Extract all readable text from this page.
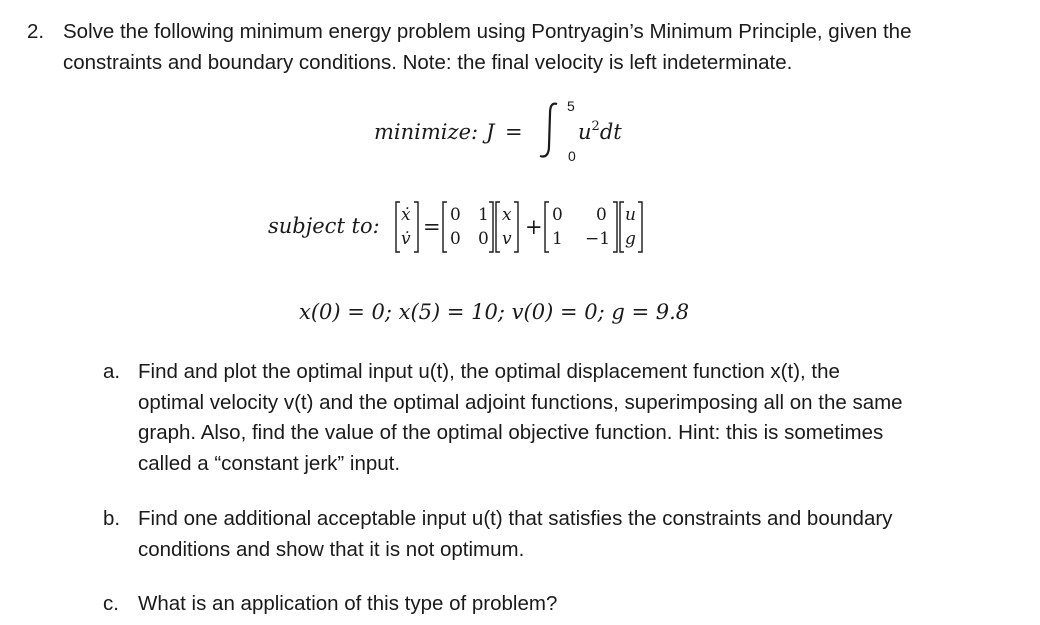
2. Solve the following minimum energy problem using Pontryagin’s Minimum Principle, given the
constraints and boundary conditions. Note: the final velocity is left indeterminate.
minimize: J =
5
0
$u^2dt$
subject to: ẋ
v̇ = 0 1
0 0
x
v + 0 0
1 −1
u
g
x(0) = 0; x(5) = 10; v(0) = 0; g = 9.8
a. Find and plot the optimal input u(t), the optimal displacement function x(t), the
optimal velocity v(t) and the optimal adjoint functions, superimposing all on the same
graph. Also, find the value of the optimal objective function. Hint: this is sometimes
called a “constant jerk” input.
b. Find one additional acceptable input u(t) that satisfies the constraints and boundary
conditions and show that it is not optimum.
c. What is an application of this type of problem?
